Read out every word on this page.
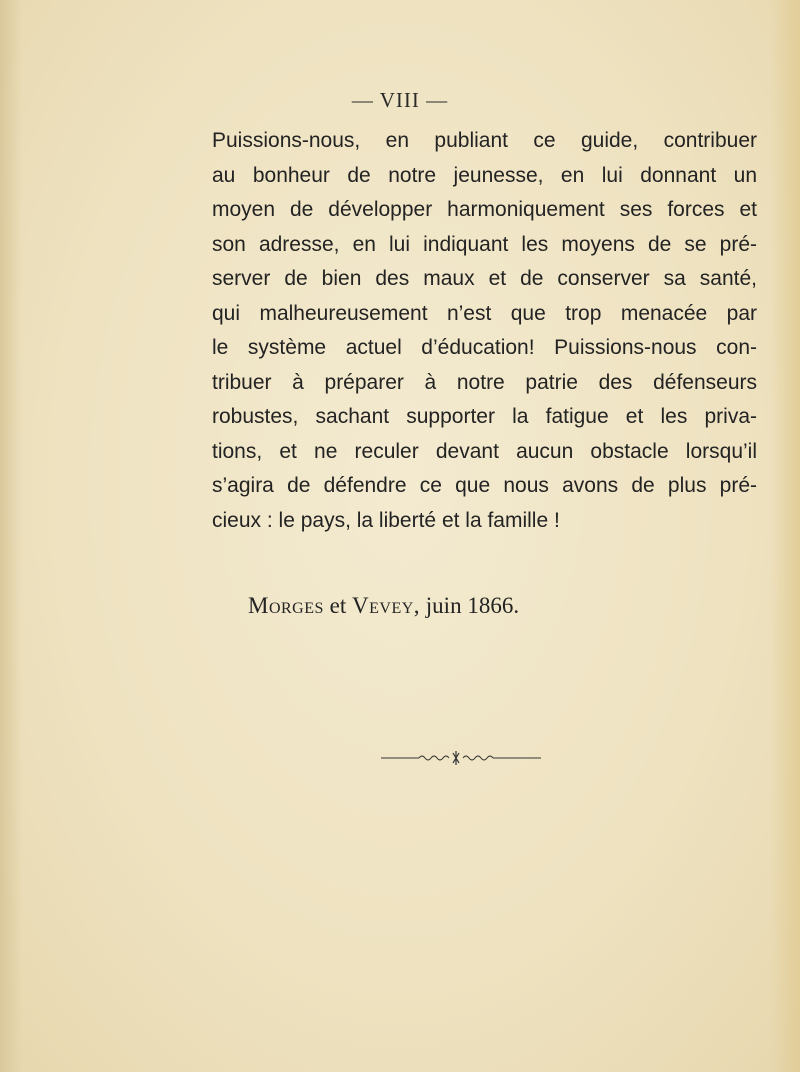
— VIII —
Puissions-nous, en publiant ce guide, contribuer
au bonheur de notre jeunesse, en lui donnant un
moyen de développer harmoniquement ses forces et
son adresse, en lui indiquant les moyens de se pré-
server de bien des maux et de conserver sa santé,
qui malheureusement n’est que trop menacée par
le système actuel d’éducation! Puissions-nous con-
tribuer à préparer à notre patrie des défenseurs
robustes, sachant supporter la fatigue et les priva-
tions, et ne reculer devant aucun obstacle lorsqu’il
s’agira de défendre ce que nous avons de plus pré-
cieux : le pays, la liberté et la famille !
Morges et Vevey, juin 1866.
